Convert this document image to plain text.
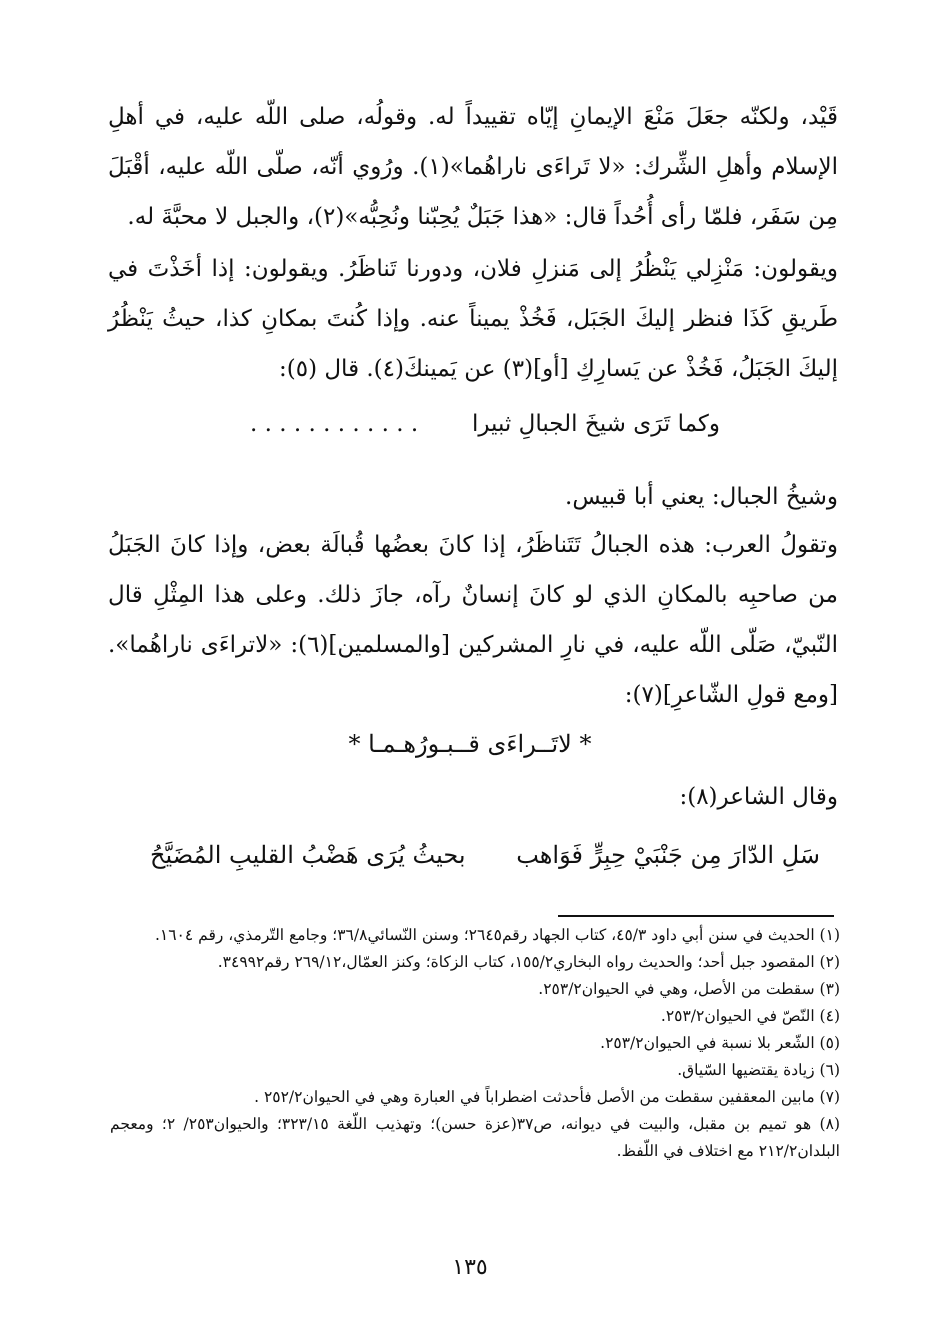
قَيْد، ولكنّه جعَلَ مَنْعَ الإيمانِ إيّاه تقييداً له. وقولُه، صلى اللّه عليه، في أهلِ الإسلام وأهلِ الشِّرك: «لا تَراءَى ناراهُما»(١). ورُوي أنّه، صلّى اللّه عليه، أقْبَلَ مِن سَفَر، فلمّا رأى أُحُداً قال: «هذا جَبَلٌ يُحِبّنا ونُحِبُّه»(٢)، والجبل لا محبَّةَ له.

ويقولون: مَنْزِلي يَنْظُرُ إلى مَنزلِ فلان، ودورنا تَناظَرُ. ويقولون: إذا أخَذْتَ في طَريقِ كَذَا فنظر إليكَ الجَبَل، فَخُذْ يميناً عنه. وإذا كُنتَ بمكانِ كذا، حيثُ يَنْظُرُ إليكَ الجَبَلُ، فَخُذْ عن يَسارِكِ [أو](٣) عن يَمينكَ(٤). قال (٥):

وكما تَرَى شيخَ الجبالِ ثبيرا
. . . . . . . . . . . .

وشيخُ الجبال: يعني أبا قبيس.

وتقولُ العرب: هذه الجبالُ تَتَناظَرُ، إذا كانَ بعضُها قُبالَة بعض، وإذا كانَ الجَبَلُ من صاحبِه بالمكانِ الذي لو كانَ إنسانٌ رآه، جازَ ذلك. وعلى هذا المِثْلِ قال النّبيّ، صَلّى اللّه عليه، في نارِ المشركين [والمسلمين](٦): «لاتراءَى ناراهُما». [ومع قولِ الشّاعرِ](٧):

* لاتَــراءَى قــبـورُهـمـا *

وقال الشاعر(٨):

سَلِ الدّارَ مِن جَنْبَيْ حِبِرٍّ فَوَاهب
بحيثُ يُرَى هَضْبُ القليبِ المُضَيَّحُ
(١) الحديث في سنن أبي داود ٤٥/٣، كتاب الجهاد رقم٢٦٤٥؛ وسنن النّسائي٣٦/٨؛ وجامع التّرمذي، رقم ١٦٠٤.
(٢) المقصود جبل أحد؛ والحديث رواه البخاري١٥٥/٢، كتاب الزكاة؛ وكنز العمّال،٢٦٩/١٢ رقم٣٤٩٩٢.
(٣) سقطت من الأصل، وهي في الحيوان٢٥٣/٢.
(٤) النّصّ في الحيوان٢٥٣/٢.
(٥) الشّعر بلا نسبة في الحيوان٢٥٣/٢.
(٦) زيادة يقتضيها السّياق.
(٧) مابين المعقفين سقطت من الأصل فأحدثت اضطراباً في العبارة وهي في الحيوان٢٥٢/٢ .
(٨) هو تميم بن مقبل، والبيت في ديوانه، ص٣٧(عزة حسن)؛ وتهذيب اللّغة ٣٢٣/١٥؛ والحيوان٢٥٣/ ٢؛ ومعجم البلدان٢١٢/٢ مع اختلاف في اللّفظ.
١٣٥
